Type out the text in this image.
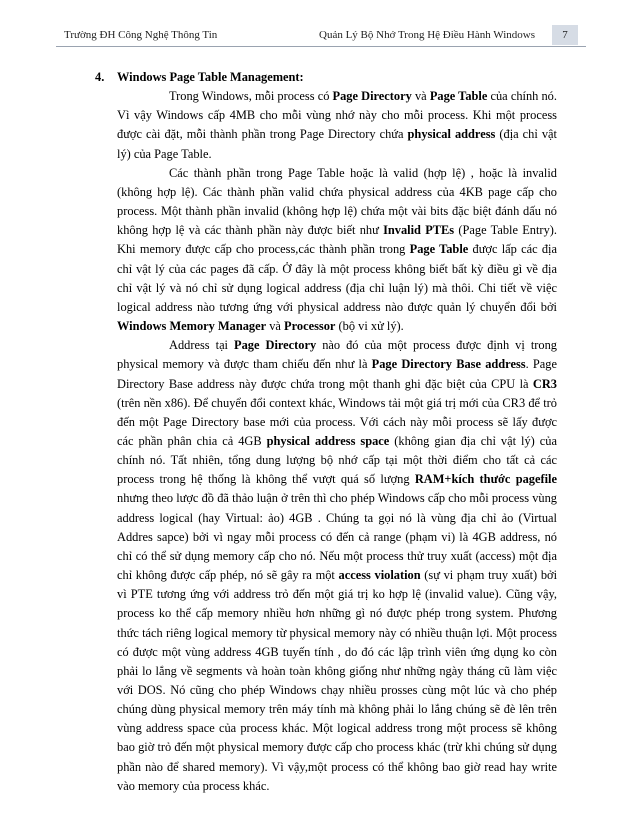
Trường ĐH Công Nghệ Thông Tin	Quản Lý Bộ Nhớ Trong Hệ Điều Hành Windows	7
4. Windows Page Table Management:

Trong Windows, mỗi process có Page Directory và Page Table của chính nó. Vì vậy Windows cấp 4MB cho mỗi vùng nhớ này cho mỗi process. Khi một process được cài đặt, mỗi thành phần trong Page Directory chứa physical address (địa chỉ vật lý) của Page Table.

Các thành phần trong Page Table hoặc là valid (hợp lệ) , hoặc là invalid (không hợp lệ). Các thành phần valid chứa physical address của 4KB page cấp cho process. Một thành phần invalid (không hợp lệ) chứa một vài bits đặc biệt đánh dấu nó không hợp lệ và các thành phần này được biết như Invalid PTEs (Page Table Entry). Khi memory được cấp cho process,các thành phần trong Page Table được lấp các địa chỉ vật lý của các pages đã cấp. Ở đây là một process không biết bất kỳ điều gì về địa chỉ vật lý và nó chỉ sử dụng logical address (địa chỉ luận lý) mà thôi. Chi tiết về việc logical address nào tương ứng với physical address nào được quản lý chuyển đổi bởi Windows Memory Manager và Processor (bộ vi xử lý).

Address tại Page Directory nào đó của một process được định vị trong physical memory và được tham chiếu đến như là Page Directory Base address. Page Directory Base address này được chứa trong một thanh ghi đặc biệt của CPU là CR3 (trên nền x86). Để chuyển đổi context khác, Windows tải một giá trị mới của CR3 để trỏ đến một Page Directory base mới của process. Với cách này mỗi process sẽ lấy được các phần phân chia cả 4GB physical address space (không gian địa chỉ vật lý) của chính nó. Tất nhiên, tổng dung lượng bộ nhớ cấp tại một thời điểm cho tất cả các process trong hệ thống là không thể vượt quá số lượng RAM+kích thước pagefile nhưng theo lược đồ đã thảo luận ở trên thì cho phép Windows cấp cho mỗi process vùng address logical (hay Virtual: ảo) 4GB . Chúng ta gọi nó là vùng địa chỉ ảo (Virtual Addres sapce) bởi vì ngay mỗi process có đến cả range (phạm vi) là 4GB address, nó chỉ có thể sử dụng memory cấp cho nó. Nếu một process thử truy xuất (access) một địa chỉ không được cấp phép, nó sẽ gây ra một access violation (sự vi phạm truy xuất) bởi vì PTE tương ứng với address trỏ đến một giá trị ko hợp lệ (invalid value). Cũng vậy, process ko thể cấp memory nhiều hơn những gì nó được phép trong system. Phương thức tách riêng logical memory từ physical memory này có nhiều thuận lợi. Một process có được một vùng address 4GB tuyến tính , do đó các lập trình viên ứng dụng ko còn phải lo lắng về segments và hoàn toàn không giống như những ngày tháng cũ làm việc với DOS. Nó cũng cho phép Windows chạy nhiều prosses cùng một lúc và cho phép chúng dùng physical memory trên máy tính mà không phải lo lắng chúng sẽ đè lên trên vùng address space của process khác. Một logical address trong một process sẽ không bao giờ trỏ đến một physical memory được cấp cho process khác (trừ khi chúng sử dụng phần nào để shared memory). Vì vậy,một process có thể không bao giờ read hay write vào memory của process khác.
